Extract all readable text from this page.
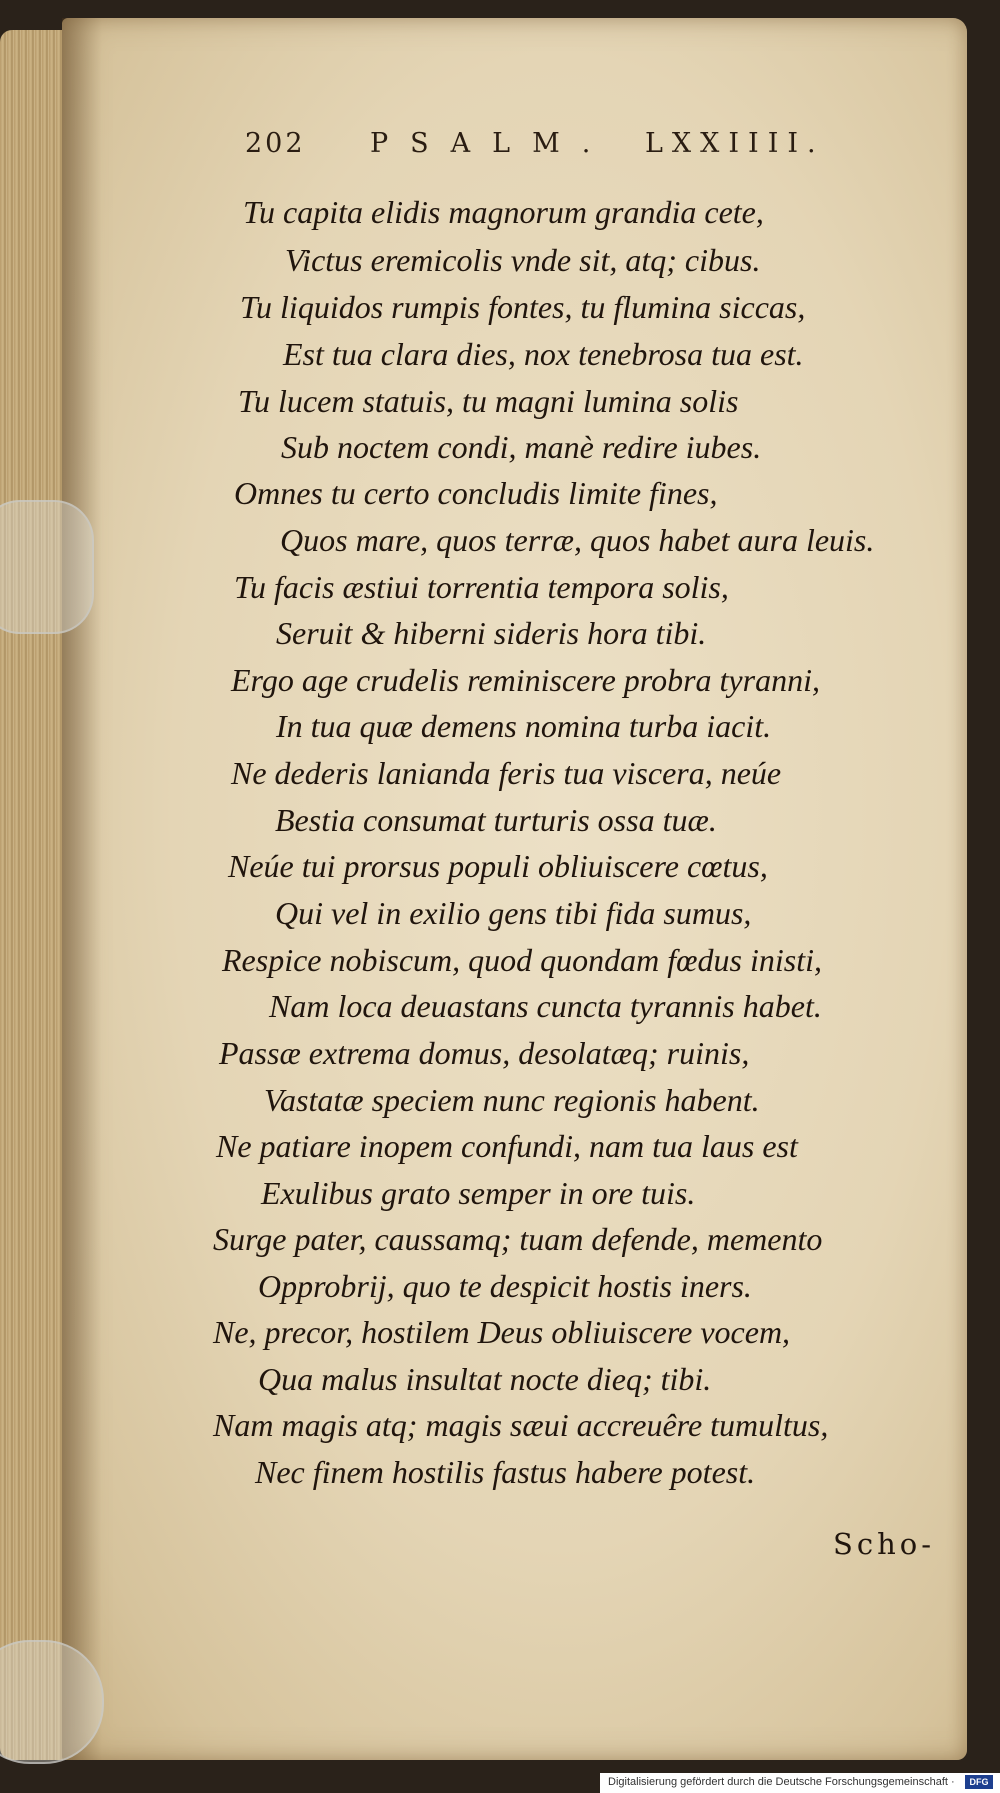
202 PSALM. LXXIIII.
Tu capita elidis magnorum grandia cete,
Victus eremicolis vnde sit, atq; cibus.
Tu liquidos rumpis fontes, tu flumina siccas,
Est tua clara dies, nox tenebrosa tua est.
Tu lucem statuis, tu magni lumina solis
Sub noctem condi, manè redire iubes.
Omnes tu certo concludis limite fines,
Quos mare, quos terræ, quos habet aura leuis.
Tu facis æstiui torrentia tempora solis,
Seruit & hiberni sideris hora tibi.
Ergo age crudelis reminiscere probra tyranni,
In tua quæ demens nomina turba iacit.
Ne dederis lanianda feris tua viscera, neúe
Bestia consumat turturis ossa tuæ.
Neúe tui prorsus populi obliuiscere cœtus,
Qui vel in exilio gens tibi fida sumus,
Respice nobiscum, quod quondam fœdus inisti,
Nam loca deuastans cuncta tyrannis habet.
Passæ extrema domus, desolatæq; ruinis,
Vastatæ speciem nunc regionis habent.
Ne patiare inopem confundi, nam tua laus est
Exulibus grato semper in ore tuis.
Surge pater, caussamq; tuam defende, memento
Opprobrij, quo te despicit hostis iners.
Ne, precor, hostilem Deus obliuiscere vocem,
Qua malus insultat nocte dieq; tibi.
Nam magis atq; magis sæui accreuêre tumultus,
Nec finem hostilis fastus habere potest.
Scho-
Digitalisierung gefördert durch die Deutsche Forschungsgemeinschaft ·	DFG
